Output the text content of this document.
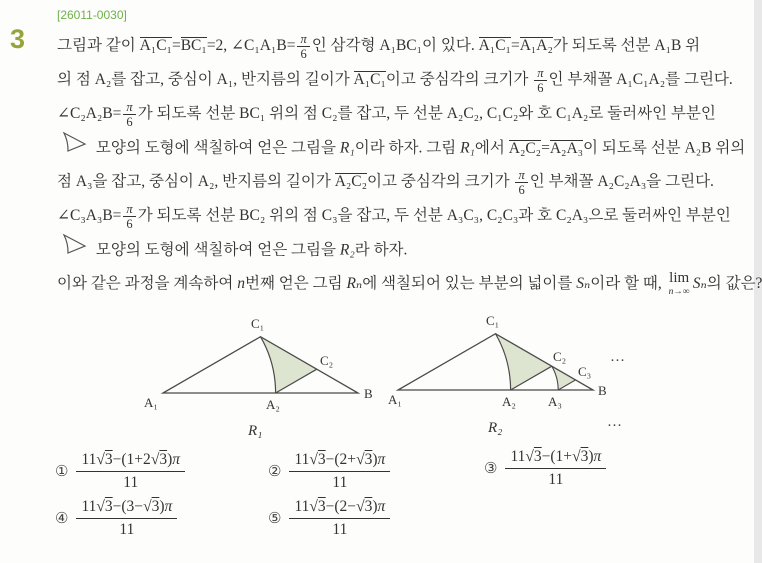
[26011-0030]
3 그림과 같이 A₁C₁=BC₁=2, ∠C₁A₁B= $\frac{\pi}{6}$ 인 삼각형 A₁BC₁이 있다. A₁C₁=A₁A₂가 되도록 선분 A₁B 위
의 점 A₂를 잡고, 중심이 A₁, 반지름의 길이가 A₁C₁이고 중심각의 크기가 $\frac{\pi}{6}$ 인 부채꼴 A₁C₁A₂를 그린다.
∠C₂A₂B= $\frac{\pi}{6}$ 가 되도록 선분 BC₁ 위의 점 C₂를 잡고, 두 선분 A₂C₂, C₁C₂와 호 C₁A₂로 둘러싸인 부분인
모양의 도형에 색칠하여 얻은 그림을 R₁이라 하자. 그림 R₁에서 A₂C₂=A₂A₃이 되도록 선분 A₂B 위의
점 A₃을 잡고, 중심이 A₂, 반지름의 길이가 A₂C₂이고 중심각의 크기가 $\frac{\pi}{6}$ 인 부채꼴 A₂C₂A₃을 그린다.
∠C₃A₃B= $\frac{\pi}{6}$ 가 되도록 선분 BC₂ 위의 점 C₃을 잡고, 두 선분 A₃C₃, C₂C₃과 호 C₂A₃으로 둘러싸인 부분인
모양의 도형에 색칠하여 얻은 그림을 R₂라 하자.
이와 같은 과정을 계속하여 n번째 얻은 그림 Rₙ에 색칠되어 있는 부분의 넓이를 Sₙ이라 할 때, lim
n→∞
Sₙ의 값은?
A₁	A₂
B
C₁
C₂
R₁
A₁	A₂ A₃
B
C₁
C₂
C₃
R₂
…
…
① $\frac{11√3-(1+2√3)\pi}{11}$	② $\frac{11√3-(2+√3)\pi}{11}$	③ $\frac{11√3-(1+√3)\pi}{11}$
④ $\frac{11√3-(3-√3)\pi}{11}$	⑤ $\frac{11√3-(2-√3)\pi}{11}$
